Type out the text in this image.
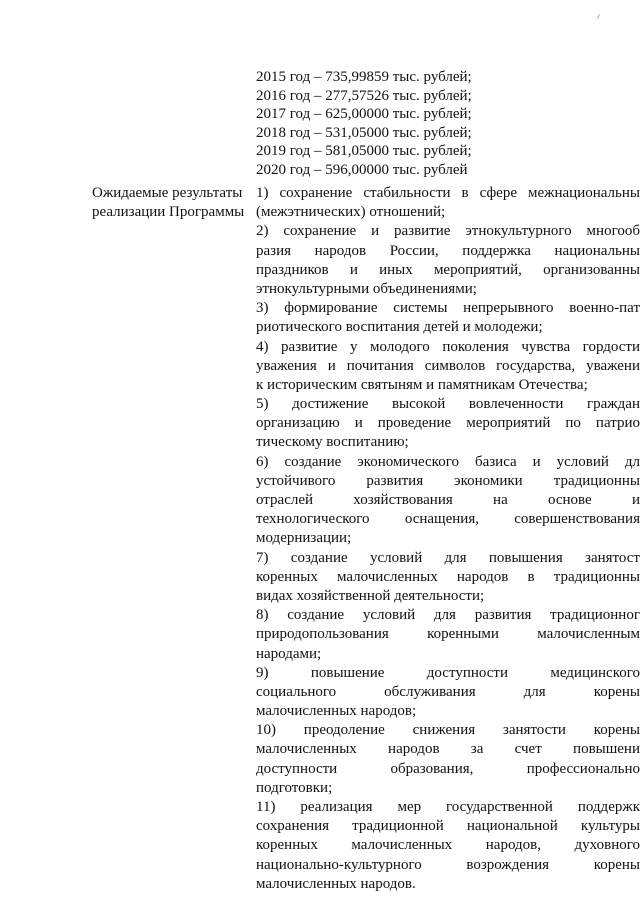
2015 год – 735,99859 тыс. рублей;
2016 год – 277,57526 тыс. рублей;
2017 год – 625,00000 тыс. рублей;
2018 год – 531,05000 тыс. рублей;
2019 год – 581,05000 тыс. рублей;
2020 год – 596,00000 тыс. рублей
Ожидаемые результаты
реализации Программы
1) сохранение стабильности в сфере межнациональны
(межэтнических) отношений;
2) сохранение и развитие этнокультурного многооб
разия народов России, поддержка национальны
праздников и иных мероприятий, организованны
этнокультурными объединениями;
3) формирование системы непрерывного военно-пат
риотического воспитания детей и молодежи;
4) развитие у молодого поколения чувства гордости
уважения и почитания символов государства, уважени
к историческим святыням и памятникам Отечества;
5) достижение высокой вовлеченности граждан
организацию и проведение мероприятий по патрио
тическому воспитанию;
6) создание экономического базиса и условий дл
устойчивого развития экономики традиционны
отраслей хозяйствования на основе и
технологического оснащения, совершенствования
модернизации;
7) создание условий для повышения занятост
коренных малочисленных народов в традиционны
видах хозяйственной деятельности;
8) создание условий для развития традиционног
природопользования коренными малочисленным
народами;
9) повышение доступности медицинского
социального обслуживания для корены
малочисленных народов;
10) преодоление снижения занятости корены
малочисленных народов за счет повышени
доступности образования, профессионально
подготовки;
11) реализация мер государственной поддержк
сохранения традиционной национальной культуры
коренных малочисленных народов, духовного
национально-культурного возрождения корены
малочисленных народов.
